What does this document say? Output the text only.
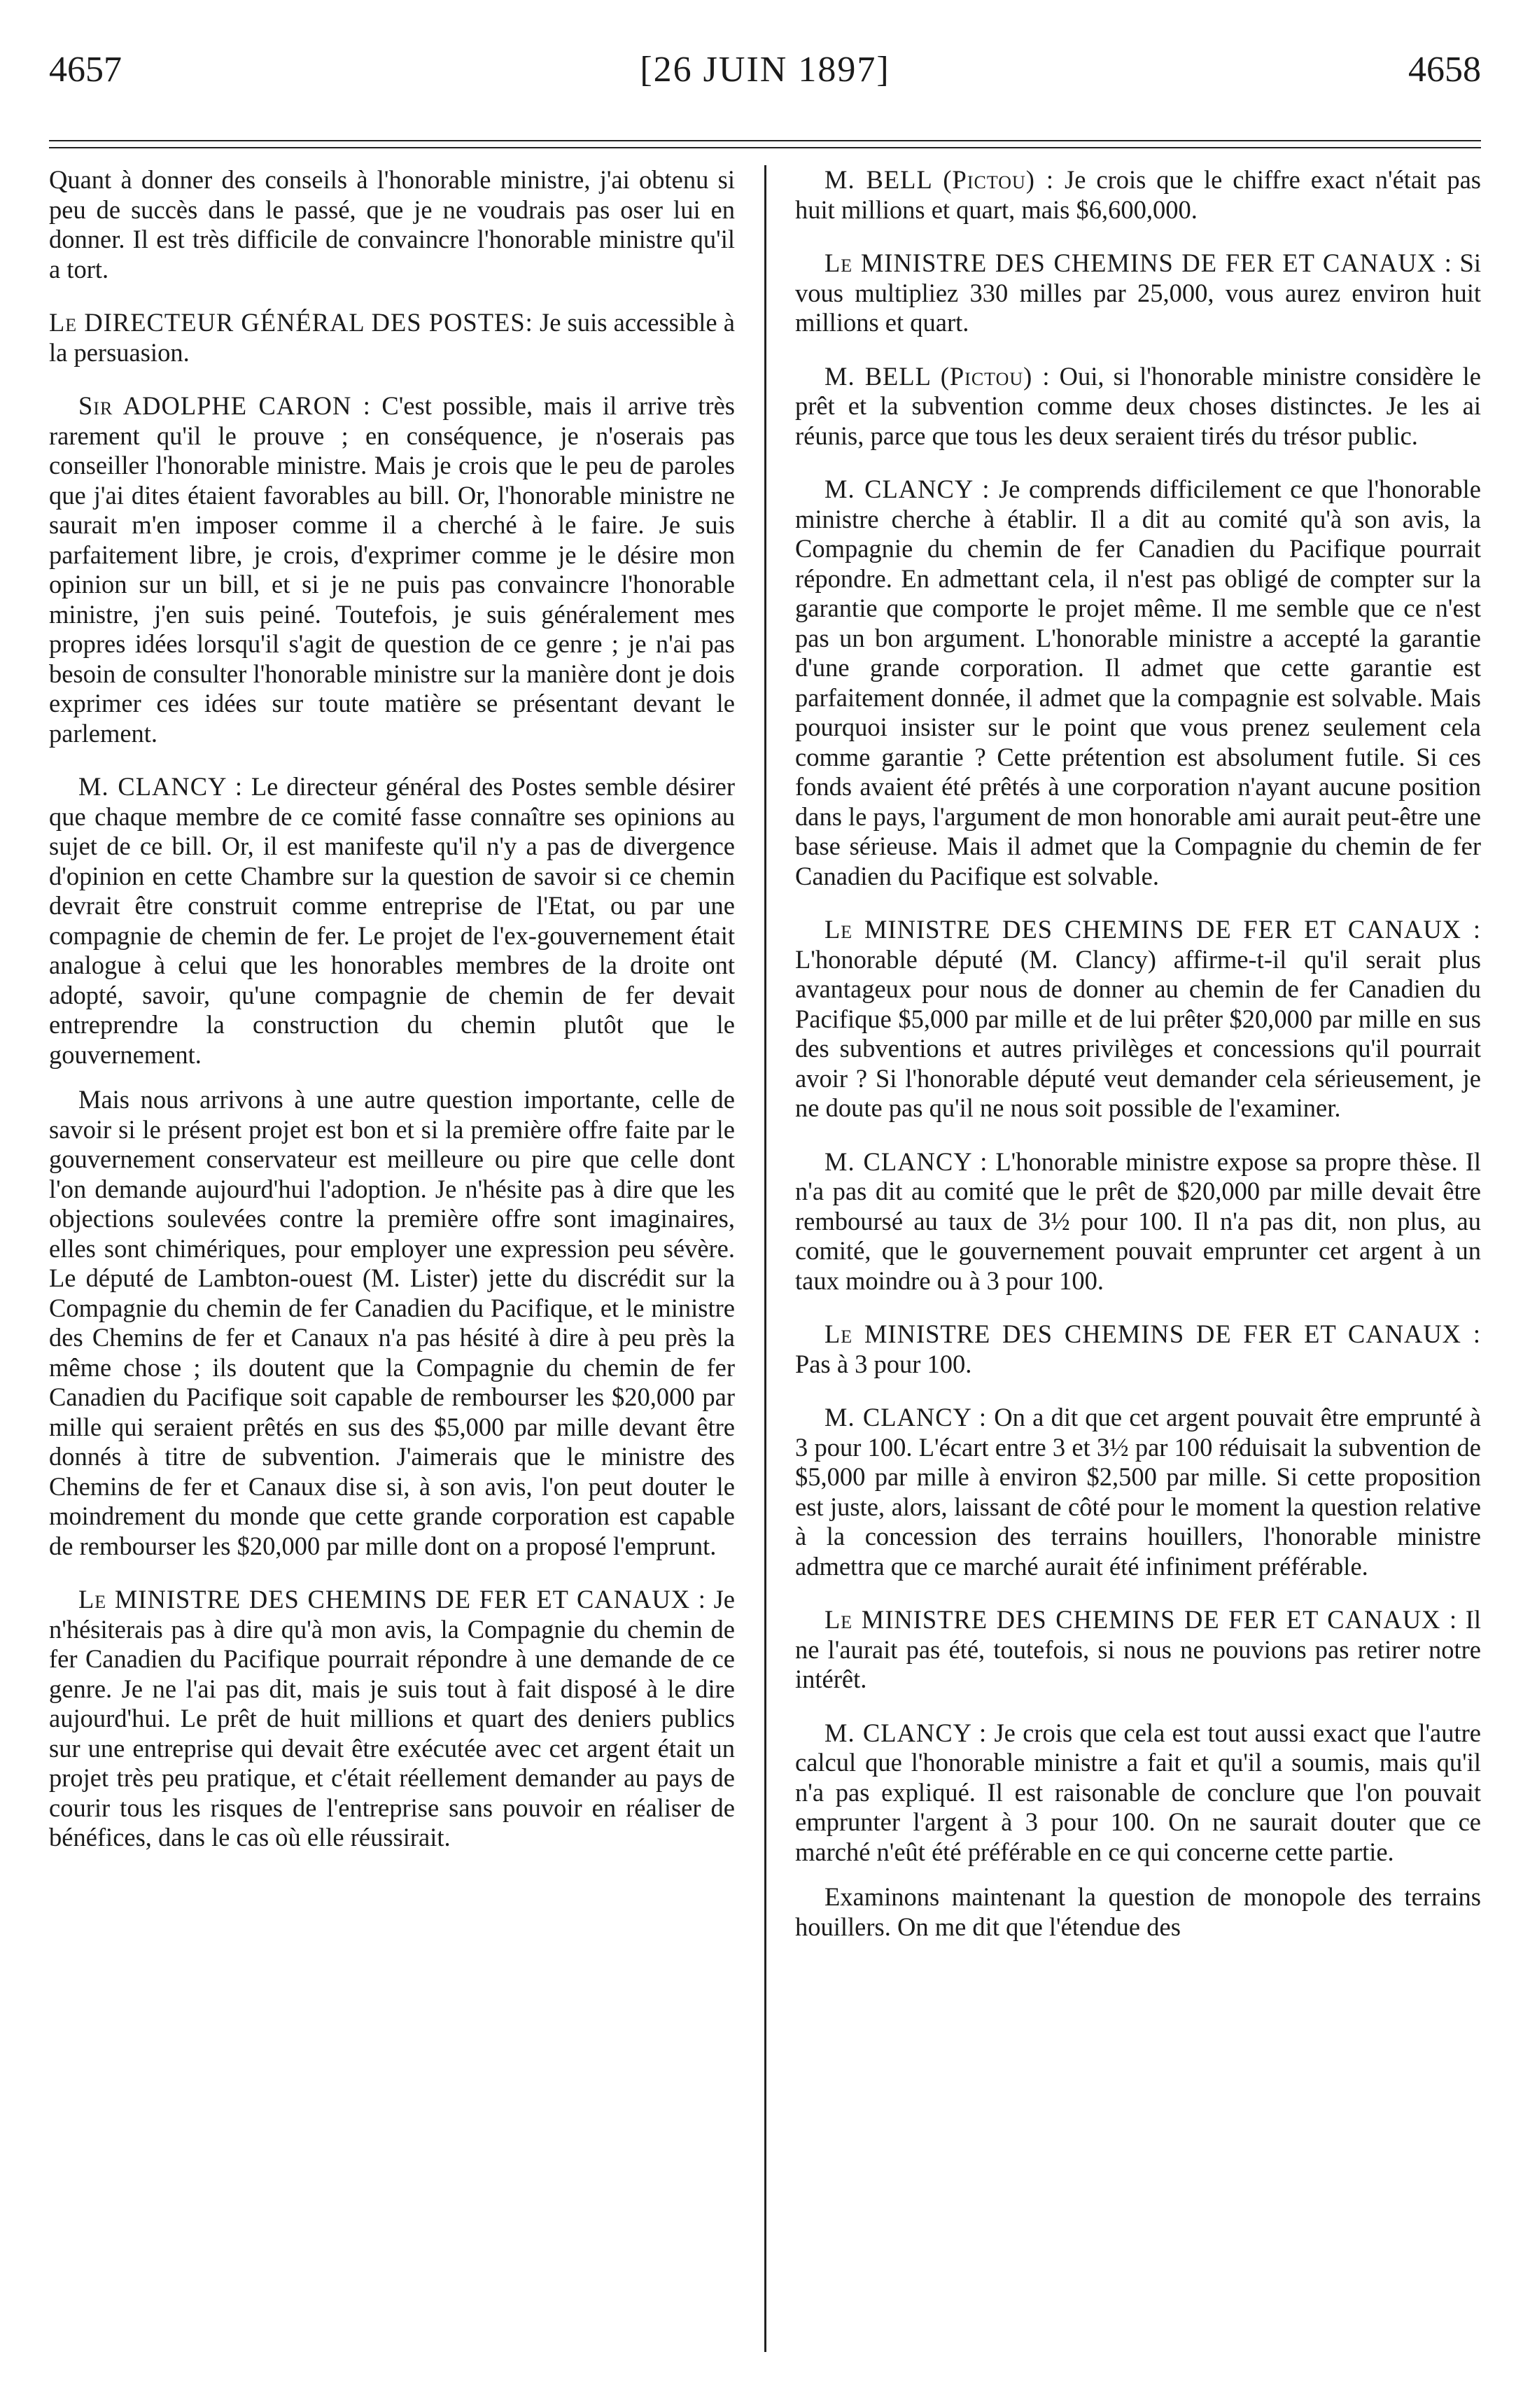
4657	[26 JUIN 1897]	4658

Quant à donner des conseils à l'honorable ministre, j'ai obtenu si peu de succès dans le passé, que je ne voudrais pas oser lui en donner. Il est très difficile de convaincre l'honorable ministre qu'il a tort.

Le DIRECTEUR GÉNÉRAL DES POSTES: Je suis accessible à la persuasion.

Sir ADOLPHE CARON : C'est possible, mais il arrive très rarement qu'il le prouve ; en conséquence, je n'oserais pas conseiller l'honorable ministre. Mais je crois que le peu de paroles que j'ai dites étaient favorables au bill. Or, l'honorable ministre ne saurait m'en imposer comme il a cherché à le faire. Je suis parfaitement libre, je crois, d'exprimer comme je le désire mon opinion sur un bill, et si je ne puis pas convaincre l'honorable ministre, j'en suis peiné. Toutefois, je suis généralement mes propres idées lorsqu'il s'agit de question de ce genre ; je n'ai pas besoin de consulter l'honorable ministre sur la manière dont je dois exprimer ces idées sur toute matière se présentant devant le parlement.

M. CLANCY : Le directeur général des Postes semble désirer que chaque membre de ce comité fasse connaître ses opinions au sujet de ce bill. Or, il est manifeste qu'il n'y a pas de divergence d'opinion en cette Chambre sur la question de savoir si ce chemin devrait être construit comme entreprise de l'Etat, ou par une compagnie de chemin de fer. Le projet de l'ex-gouvernement était analogue à celui que les honorables membres de la droite ont adopté, savoir, qu'une compagnie de chemin de fer devait entreprendre la construction du chemin plutôt que le gouvernement.

Mais nous arrivons à une autre question importante, celle de savoir si le présent projet est bon et si la première offre faite par le gouvernement conservateur est meilleure ou pire que celle dont l'on demande aujourd'hui l'adoption. Je n'hésite pas à dire que les objections soulevées contre la première offre sont imaginaires, elles sont chimériques, pour employer une expression peu sévère. Le député de Lambton-ouest (M. Lister) jette du discrédit sur la Compagnie du chemin de fer Canadien du Pacifique, et le ministre des Chemins de fer et Canaux n'a pas hésité à dire à peu près la même chose ; ils doutent que la Compagnie du chemin de fer Canadien du Pacifique soit capable de rembourser les $20,000 par mille qui seraient prêtés en sus des $5,000 par mille devant être donnés à titre de subvention. J'aimerais que le ministre des Chemins de fer et Canaux dise si, à son avis, l'on peut douter le moindrement du monde que cette grande corporation est capable de rembourser les $20,000 par mille dont on a proposé l'emprunt.

Le MINISTRE DES CHEMINS DE FER ET CANAUX : Je n'hésiterais pas à dire qu'à mon avis, la Compagnie du chemin de fer Canadien du Pacifique pourrait répondre à une demande de ce genre. Je ne l'ai pas dit, mais je suis tout à fait disposé à le dire aujourd'hui. Le prêt de huit millions et quart des deniers publics sur une entreprise qui devait être exécutée avec cet argent était un projet très peu pratique, et c'était réellement demander au pays de courir tous les risques de l'entreprise sans pouvoir en réaliser de bénéfices, dans le cas où elle réussirait.

M. BELL (Pictou) : Je crois que le chiffre exact n'était pas huit millions et quart, mais $6,600,000.

Le MINISTRE DES CHEMINS DE FER ET CANAUX : Si vous multipliez 330 milles par 25,000, vous aurez environ huit millions et quart.

M. BELL (Pictou) : Oui, si l'honorable ministre considère le prêt et la subvention comme deux choses distinctes. Je les ai réunis, parce que tous les deux seraient tirés du trésor public.

M. CLANCY : Je comprends difficilement ce que l'honorable ministre cherche à établir. Il a dit au comité qu'à son avis, la Compagnie du chemin de fer Canadien du Pacifique pourrait répondre. En admettant cela, il n'est pas obligé de compter sur la garantie que comporte le projet même. Il me semble que ce n'est pas un bon argument. L'honorable ministre a accepté la garantie d'une grande corporation. Il admet que cette garantie est parfaitement donnée, il admet que la compagnie est solvable. Mais pourquoi insister sur le point que vous prenez seulement cela comme garantie ? Cette prétention est absolument futile. Si ces fonds avaient été prêtés à une corporation n'ayant aucune position dans le pays, l'argument de mon honorable ami aurait peut-être une base sérieuse. Mais il admet que la Compagnie du chemin de fer Canadien du Pacifique est solvable.

Le MINISTRE DES CHEMINS DE FER ET CANAUX : L'honorable député (M. Clancy) affirme-t-il qu'il serait plus avantageux pour nous de donner au chemin de fer Canadien du Pacifique $5,000 par mille et de lui prêter $20,000 par mille en sus des subventions et autres privilèges et concessions qu'il pourrait avoir ? Si l'honorable député veut demander cela sérieusement, je ne doute pas qu'il ne nous soit possible de l'examiner.

M. CLANCY : L'honorable ministre expose sa propre thèse. Il n'a pas dit au comité que le prêt de $20,000 par mille devait être remboursé au taux de 3½ pour 100. Il n'a pas dit, non plus, au comité, que le gouvernement pouvait emprunter cet argent à un taux moindre ou à 3 pour 100.

Le MINISTRE DES CHEMINS DE FER ET CANAUX : Pas à 3 pour 100.

M. CLANCY : On a dit que cet argent pouvait être emprunté à 3 pour 100. L'écart entre 3 et 3½ par 100 réduisait la subvention de $5,000 par mille à environ $2,500 par mille. Si cette proposition est juste, alors, laissant de côté pour le moment la question relative à la concession des terrains houillers, l'honorable ministre admettra que ce marché aurait été infiniment préférable.

Le MINISTRE DES CHEMINS DE FER ET CANAUX : Il ne l'aurait pas été, toutefois, si nous ne pouvions pas retirer notre intérêt.

M. CLANCY : Je crois que cela est tout aussi exact que l'autre calcul que l'honorable ministre a fait et qu'il a soumis, mais qu'il n'a pas expliqué. Il est raisonable de conclure que l'on pouvait emprunter l'argent à 3 pour 100. On ne saurait douter que ce marché n'eût été préférable en ce qui concerne cette partie.

Examinons maintenant la question de monopole des terrains houillers. On me dit que l'étendue des
